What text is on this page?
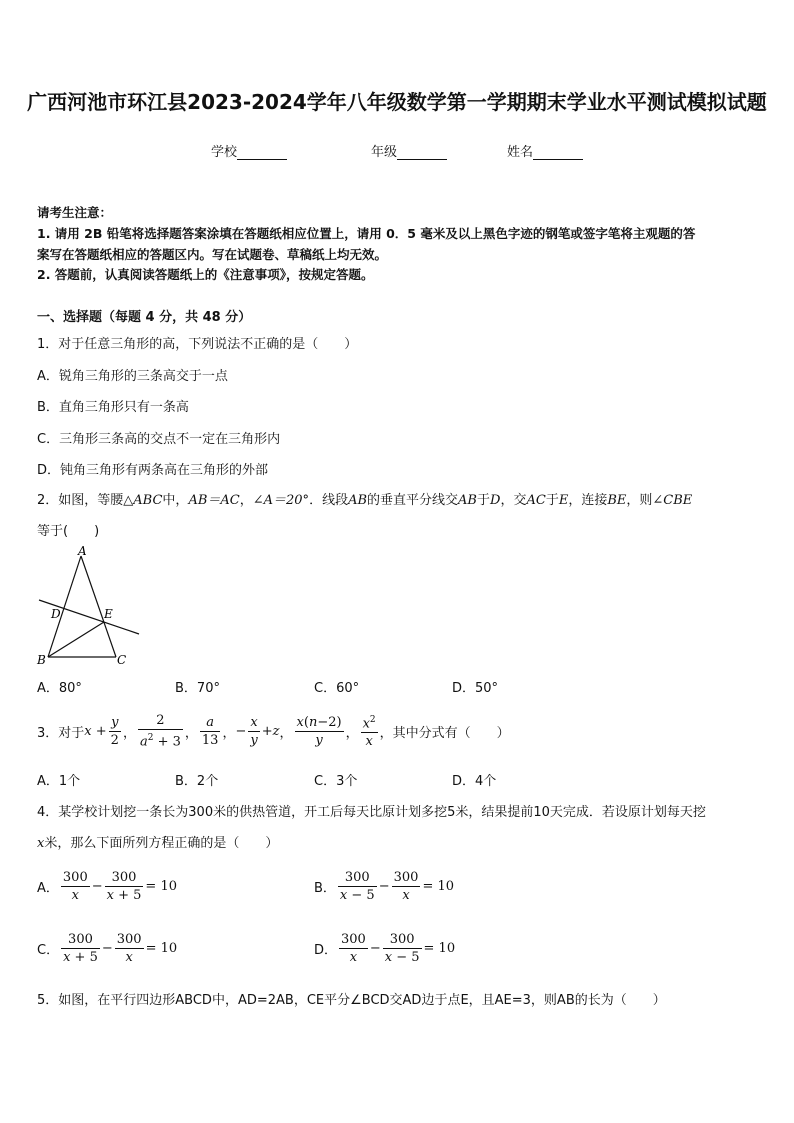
广西河池市环江县2023-2024学年八年级数学第一学期期末学业水平测试模拟试题
学校	年级	姓名
请考生注意：
1. 请用 2B 铅笔将选择题答案涂填在答题纸相应位置上，请用 0．5 毫米及以上黑色字迹的钢笔或签字笔将主观题的答
案写在答题纸相应的答题区内。写在试题卷、草稿纸上均无效。
2. 答题前，认真阅读答题纸上的《注意事项》，按规定答题。
一、选择题（每题 4 分，共 48 分）
1．对于任意三角形的高，下列说法不正确的是（　　）
A．锐角三角形的三条高交于一点
B．直角三角形只有一条高
C．三角形三条高的交点不一定在三角形内
D．钝角三角形有两条高在三角形的外部
2．如图，等腰△ABC中，AB＝AC，∠A＝20°．线段AB的垂直平分线交AB于D，交AC于E，连接BE，则∠CBE
等于(　　)
A
D	E
B	C
A．80°	B．70°	C．60°	D．50°
3．对于 $x + \frac{y}{2}$ ， $\frac{2}{a^2 + 3}$ ， $\frac{a}{13}$ ， − $\frac{x}{y} + z$ ， $\frac{x(n-2)}{y}$ ， $\frac{x^2}{x}$ ，其中分式有（　　）
A．1个	B．2个	C．3个	D．4个
4．某学校计划挖一条长为300米的供热管道，开工后每天比原计划多挖5米，结果提前10天完成．若设原计划每天挖
x米，那么下面所列方程正确的是（　　）
A． $\frac{300}{x} - \frac{300}{x + 5} = 10$	B． $\frac{300}{x - 5} - \frac{300}{x} = 10$
C． $\frac{300}{x + 5} - \frac{300}{x} = 10$	D． $\frac{300}{x} - \frac{300}{x - 5} = 10$
5．如图，在平行四边形ABCD中，AD=2AB，CE平分∠BCD交AD边于点E，且AE=3，则AB的长为（　　）
